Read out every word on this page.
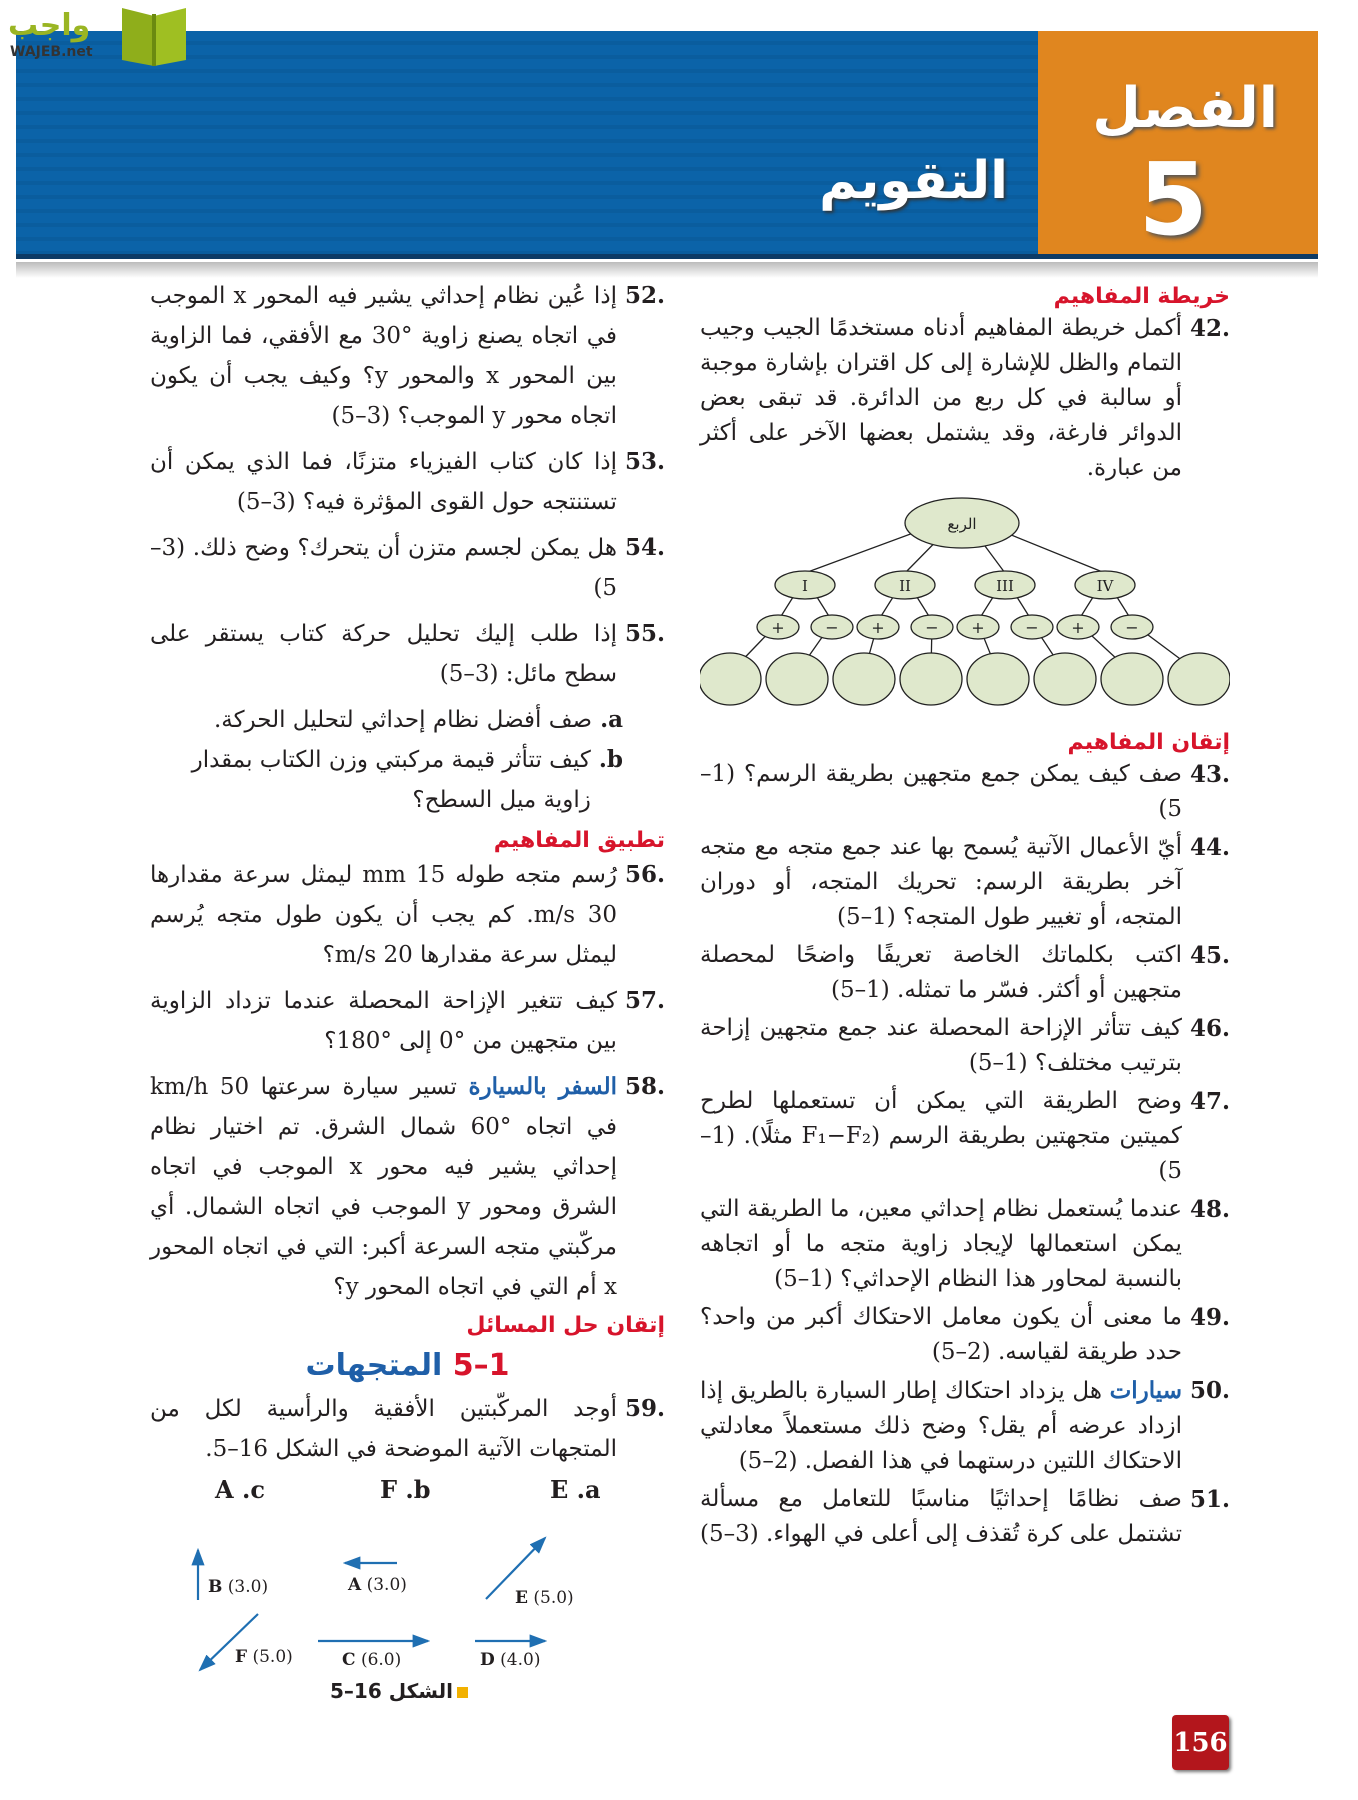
التقويم
الفصل
5
واجب
WAJEB.net
خريطة المفاهيم
.42
أكمل خريطة المفاهيم أدناه مستخدمًا الجيب وجيب التمام والظل للإشارة إلى كل اقتران بإشارة موجبة أو سالبة في كل ربع من الدائرة. قد تبقى بعض الدوائر فارغة، وقد يشتمل بعضها الآخر على أكثر من عبارة.
الربع
I	II	III	IV
+	− +	− +	− +	−
إتقان المفاهيم
.43
صف كيف يمكن جمع متجهين بطريقة الرسم؟ (1–5)
.44
أيّ الأعمال الآتية يُسمح بها عند جمع متجه مع متجه آخر بطريقة الرسم: تحريك المتجه، أو دوران المتجه، أو تغيير طول المتجه؟ (1–5)
.45
اكتب بكلماتك الخاصة تعريفًا واضحًا لمحصلة متجهين أو أكثر. فسّر ما تمثله. (1–5)
.46
كيف تتأثر الإزاحة المحصلة عند جمع متجهين إزاحة بترتيب مختلف؟ (1–5)
.47
وضح الطريقة التي يمكن أن تستعملها لطرح كميتين متجهتين بطريقة الرسم (F₁−F₂ مثلًا). (1–5)
.48
عندما يُستعمل نظام إحداثي معين، ما الطريقة التي يمكن استعمالها لإيجاد زاوية متجه ما أو اتجاهه بالنسبة لمحاور هذا النظام الإحداثي؟ (1–5)
.49
ما معنى أن يكون معامل الاحتكاك أكبر من واحد؟ حدد طريقة لقياسه. (2–5)
.50
سيارات هل يزداد احتكاك إطار السيارة بالطريق إذا ازداد عرضه أم يقل؟ وضح ذلك مستعملاً معادلتي الاحتكاك اللتين درستهما في هذا الفصل. (2–5)
.51
صف نظامًا إحداثيًا مناسبًا للتعامل مع مسألة تشتمل على كرة تُقذف إلى أعلى في الهواء. (3–5)
.52
إذا عُين نظام إحداثي يشير فيه المحور x الموجب في اتجاه يصنع زاوية °30 مع الأفقي، فما الزاوية بين المحور x والمحور y؟ وكيف يجب أن يكون اتجاه محور y الموجب؟ (3–5)
.53
إذا كان كتاب الفيزياء متزنًا، فما الذي يمكن أن تستنتجه حول القوى المؤثرة فيه؟ (3–5)
.54
هل يمكن لجسم متزن أن يتحرك؟ وضح ذلك. (3–5)
.55
إذا طلب إليك تحليل حركة كتاب يستقر على سطح مائل: (3–5)
a.
صف أفضل نظام إحداثي لتحليل الحركة.
b.
كيف تتأثر قيمة مركبتي وزن الكتاب بمقدار زاوية ميل السطح؟
تطبيق المفاهيم
.56
رُسم متجه طوله 15 mm ليمثل سرعة مقدارها 30 m/s. كم يجب أن يكون طول متجه يُرسم ليمثل سرعة مقدارها 20 m/s؟
.57
كيف تتغير الإزاحة المحصلة عندما تزداد الزاوية بين متجهين من °0 إلى °180؟
.58
السفر بالسيارة تسير سيارة سرعتها 50 km/h في اتجاه °60 شمال الشرق. تم اختيار نظام إحداثي يشير فيه محور x الموجب في اتجاه الشرق ومحور y الموجب في اتجاه الشمال. أي مركّبتي متجه السرعة أكبر: التي في اتجاه المحور x أم التي في اتجاه المحور y؟
إتقان حل المسائل
1–5 المتجهات
.59
أوجد المركّبتين الأفقية والرأسية لكل من المتجهات الآتية الموضحة في الشكل 16–5.
A .c	F .b	E .a
B (3.0)	A (3.0)
E (5.0)
F (5.0)	C (6.0)	D (4.0)
الشكل 16–5
156
